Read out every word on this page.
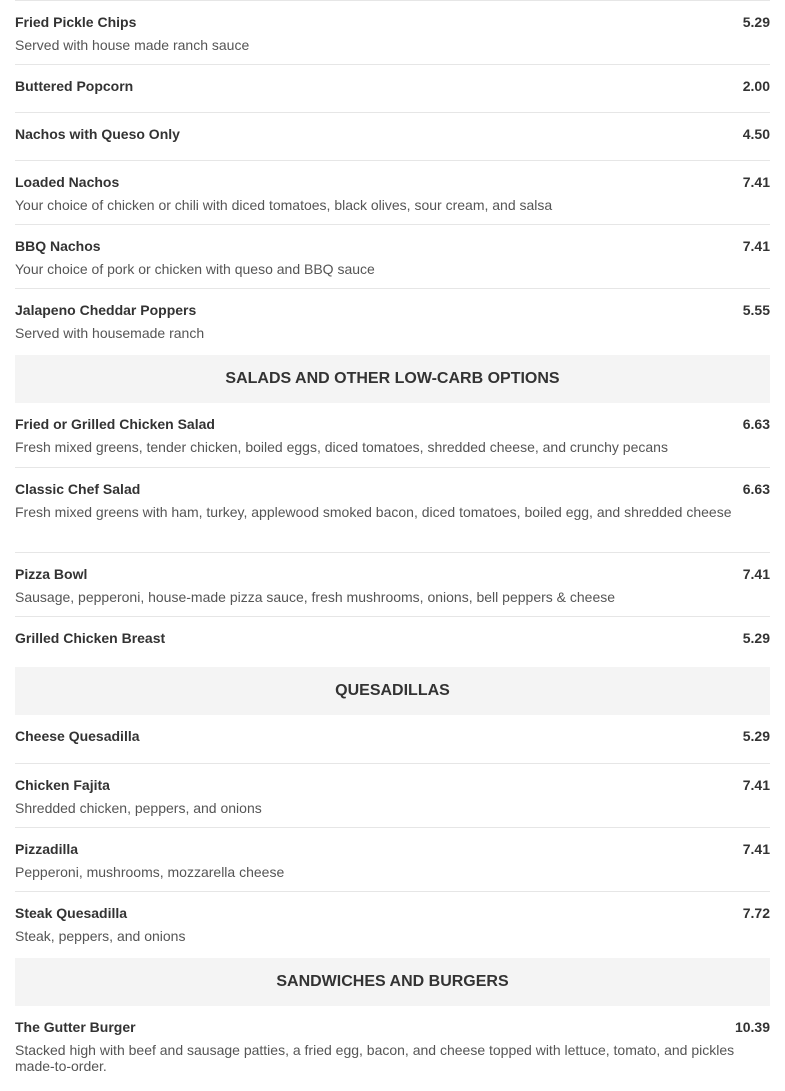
Fried Pickle Chips	5.29
Served with house made ranch sauce
Buttered Popcorn	2.00
Nachos with Queso Only	4.50
Loaded Nachos	7.41
Your choice of chicken or chili with diced tomatoes, black olives, sour cream, and salsa
BBQ Nachos	7.41
Your choice of pork or chicken with queso and BBQ sauce
Jalapeno Cheddar Poppers	5.55
Served with housemade ranch
SALADS AND OTHER LOW-CARB OPTIONS
Fried or Grilled Chicken Salad	6.63
Fresh mixed greens, tender chicken, boiled eggs, diced tomatoes, shredded cheese, and crunchy pecans
Classic Chef Salad	6.63
Fresh mixed greens with ham, turkey, applewood smoked bacon, diced tomatoes, boiled egg, and shredded cheese
Pizza Bowl	7.41
Sausage, pepperoni, house-made pizza sauce, fresh mushrooms, onions, bell peppers & cheese
Grilled Chicken Breast	5.29
QUESADILLAS
Cheese Quesadilla	5.29
Chicken Fajita	7.41
Shredded chicken, peppers, and onions
Pizzadilla	7.41
Pepperoni, mushrooms, mozzarella cheese
Steak Quesadilla	7.72
Steak, peppers, and onions
SANDWICHES AND BURGERS
The Gutter Burger	10.39
Stacked high with beef and sausage patties, a fried egg, bacon, and cheese topped with lettuce, tomato, and pickles made-to-order.
